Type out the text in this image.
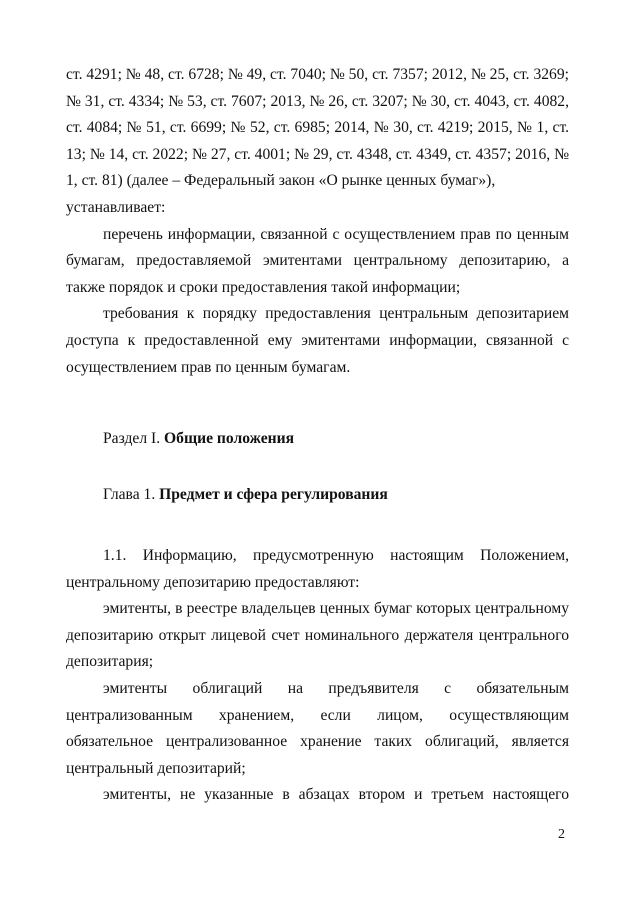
ст. 4291; № 48, ст. 6728; № 49, ст. 7040; № 50, ст. 7357; 2012, № 25, ст. 3269; № 31, ст. 4334; № 53, ст. 7607; 2013, № 26, ст. 3207; № 30, ст. 4043, ст. 4082, ст. 4084; № 51, ст. 6699; № 52, ст. 6985; 2014, № 30, ст. 4219; 2015, № 1, ст. 13; № 14, ст. 2022; № 27, ст. 4001; № 29, ст. 4348, ст. 4349, ст. 4357; 2016, № 1, ст. 81) (далее – Федеральный закон «О рынке ценных бумаг»),

устанавливает:

перечень информации, связанной с осуществлением прав по ценным бумагам, предоставляемой эмитентами центральному депозитарию, а также порядок и сроки предоставления такой информации;

требования к порядку предоставления центральным депозитарием доступа к предоставленной ему эмитентами информации, связанной с осуществлением прав по ценным бумагам.

Раздел I. Общие положения
Глава 1. Предмет и сфера регулирования

1.1. Информацию, предусмотренную настоящим Положением, центральному депозитарию предоставляют:

эмитенты, в реестре владельцев ценных бумаг которых центральному депозитарию открыт лицевой счет номинального держателя центрального депозитария;

эмитенты облигаций на предъявителя с обязательным централизованным хранением, если лицом, осуществляющим обязательное централизованное хранение таких облигаций, является центральный депозитарий;

эмитенты, не указанные в абзацах втором и третьем настоящего

2
